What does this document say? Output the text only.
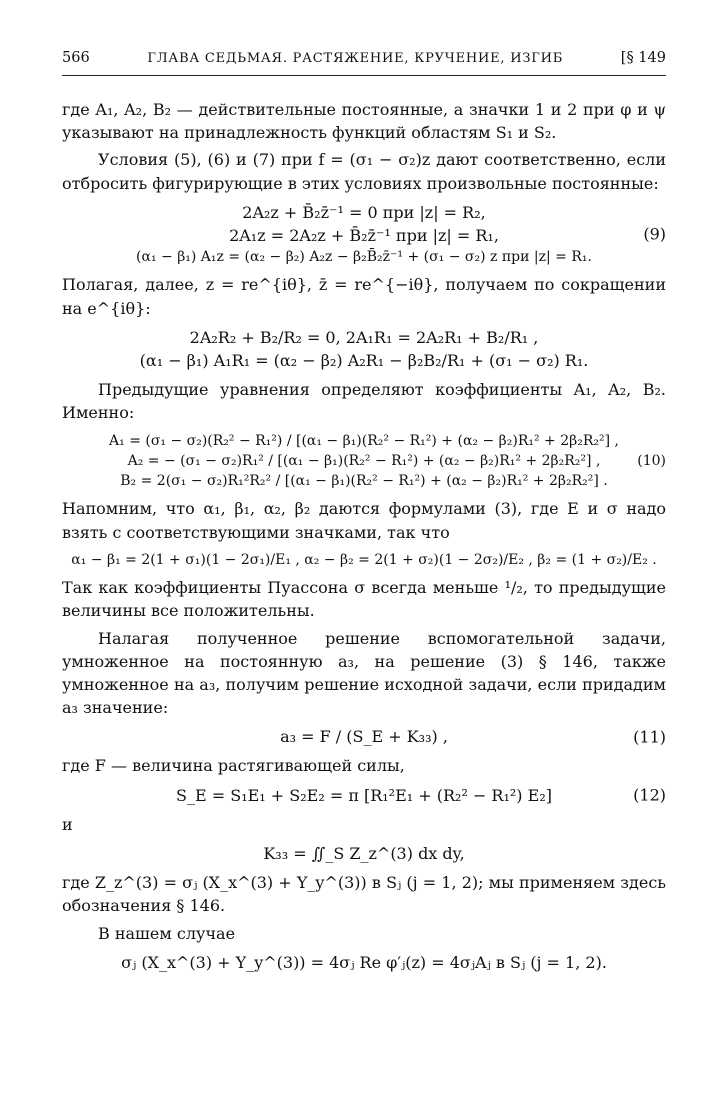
566	ГЛАВА СЕДЬМАЯ. РАСТЯЖЕНИЕ, КРУЧЕНИЕ, ИЗГИБ	[§ 149

где A₁, A₂, B₂ — действительные постоянные, а значки 1 и 2 при φ и ψ указывают на принадлежность функций областям S₁ и S₂.

Условия (5), (6) и (7) при f = (σ₁ − σ₂)z дают соответственно, если отбросить фигурирующие в этих условиях произвольные постоянные:

2A₂z + B̄₂z̄⁻¹ = 0 при |z| = R₂,
2A₁z = 2A₂z + B̄₂z̄⁻¹ при |z| = R₁,
(α₁ − β₁) A₁z = (α₂ − β₂) A₂z − β₂B̄₂z̄⁻¹ + (σ₁ − σ₂) z при |z| = R₁.
(9)

Полагая, далее, z = re^{iθ}, z̄ = re^{−iθ}, получаем по сокращении на e^{iθ}:

2A₂R₂ + B₂/R₂ = 0, 2A₁R₁ = 2A₂R₁ + B₂/R₁ ,
(α₁ − β₁) A₁R₁ = (α₂ − β₂) A₂R₁ − β₂B₂/R₁ + (σ₁ − σ₂) R₁.

Предыдущие уравнения определяют коэффициенты A₁, A₂, B₂. Именно:

A₁ = (σ₁ − σ₂)(R₂² − R₁²) / [(α₁ − β₁)(R₂² − R₁²) + (α₂ − β₂)R₁² + 2β₂R₂²] ,
A₂ = − (σ₁ − σ₂)R₁² / [(α₁ − β₁)(R₂² − R₁²) + (α₂ − β₂)R₁² + 2β₂R₂²] ,
B₂ = 2(σ₁ − σ₂)R₁²R₂² / [(α₁ − β₁)(R₂² − R₁²) + (α₂ − β₂)R₁² + 2β₂R₂²] .
(10)

Напомним, что α₁, β₁, α₂, β₂ даются формулами (3), где E и σ надо взять с соответствующими значками, так что

α₁ − β₁ = 2(1 + σ₁)(1 − 2σ₁)/E₁ , α₂ − β₂ = 2(1 + σ₂)(1 − 2σ₂)/E₂ , β₂ = (1 + σ₂)/E₂ .

Так как коэффициенты Пуассона σ всегда меньше ¹/₂, то предыдущие величины все положительны.

Налагая полученное решение вспомогательной задачи, умноженное на постоянную a₃, на решение (3) § 146, также умноженное на a₃, получим решение исходной задачи, если придадим a₃ значение:

a₃ = F / (S_E + K₃₃) ,	(11)

где F — величина растягивающей силы,

S_E = S₁E₁ + S₂E₂ = π [R₁²E₁ + (R₂² − R₁²) E₂]	(12)

и

K₃₃ = ∬_S Z_z^(3) dx dy,

где Z_z^(3) = σⱼ (X_x^(3) + Y_y^(3)) в Sⱼ (j = 1, 2); мы применяем здесь обозначения § 146.

В нашем случае

σⱼ (X_x^(3) + Y_y^(3)) = 4σⱼ Re φ′ⱼ(z) = 4σⱼAⱼ в Sⱼ (j = 1, 2).
